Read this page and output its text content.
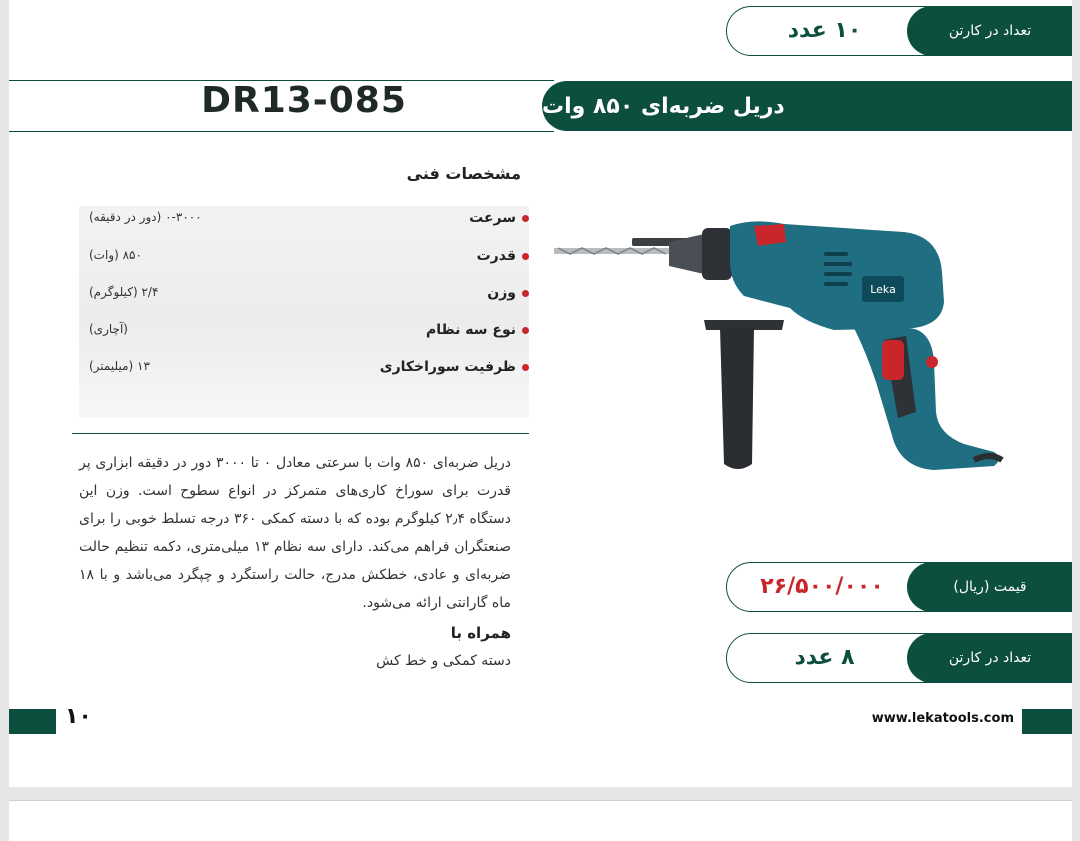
تعداد در کارتن
۱۰ عدد
دریل ضربه‌ای ۸۵۰ وات
DR13-085
مشخصات فنی
سرعت
۰-۳۰۰۰ (دور در دقیقه)
قدرت
۸۵۰ (وات)
وزن
۲/۴ (کیلوگرم)
نوع سه نظام
(آچاری)
ظرفیت سوراخکاری
۱۳ (میلیمتر)
دریل ضربه‌ای ۸۵۰ وات با سرعتی معادل ۰ تا ۳۰۰۰ دور در دقیقه ابزاری پر قدرت برای سوراخ کاری‌های متمرکز در انواع سطوح است. وزن این دستگاه ۲٫۴ کیلوگرم بوده که با دسته کمکی ۳۶۰ درجه تسلط خوبی را برای صنعتگران فراهم می‌کند. دارای سه نظام ۱۳ میلی‌متری، دکمه تنظیم حالت ضربه‌ای و عادی، خطکش مدرج، حالت راستگرد و چپگرد می‌باشد و با ۱۸ ماه گارانتی ارائه می‌شود.
همراه با
دسته کمکی و خط کش
Leka
قیمت (ریال)
۲۶/۵۰۰/۰۰۰
تعداد در کارتن
۸ عدد
۱۰	www.lekatools.com
